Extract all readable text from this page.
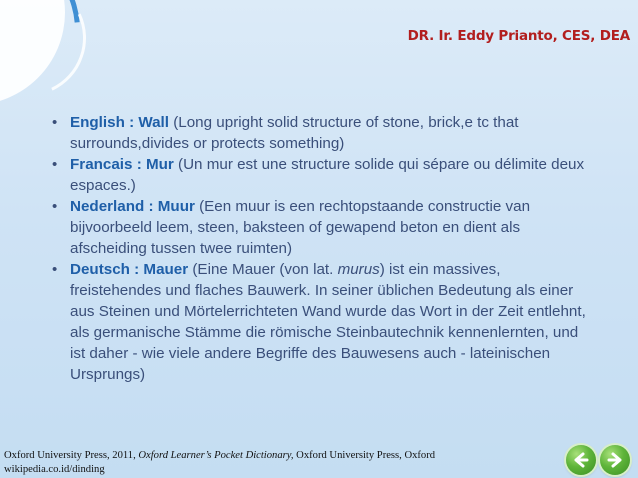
DR. Ir. Eddy Prianto, CES, DEA
• English : Wall (Long upright solid structure of stone, brick,e tc that surrounds,divides or protects something)
• Francais : Mur (Un mur est une structure solide qui sépare ou délimite deux espaces.)
• Nederland : Muur (Een muur is een rechtopstaande constructie van bijvoorbeeld leem, steen, baksteen of gewapend beton en dient als afscheiding tussen twee ruimten)
• Deutsch : Mauer (Eine Mauer (von lat. murus) ist ein massives, freistehendes und flaches Bauwerk. In seiner üblichen Bedeutung als einer aus Steinen und Mörtelerrichteten Wand wurde das Wort in der Zeit entlehnt, als germanische Stämme die römische Steinbautechnik kennenlernten, und ist daher - wie viele andere Begriffe des Bauwesens auch - lateinischen Ursprungs)
Oxford University Press, 2011, Oxford Learner’s Pocket Dictionary, Oxford University Press, Oxford
wikipedia.co.id/dinding
